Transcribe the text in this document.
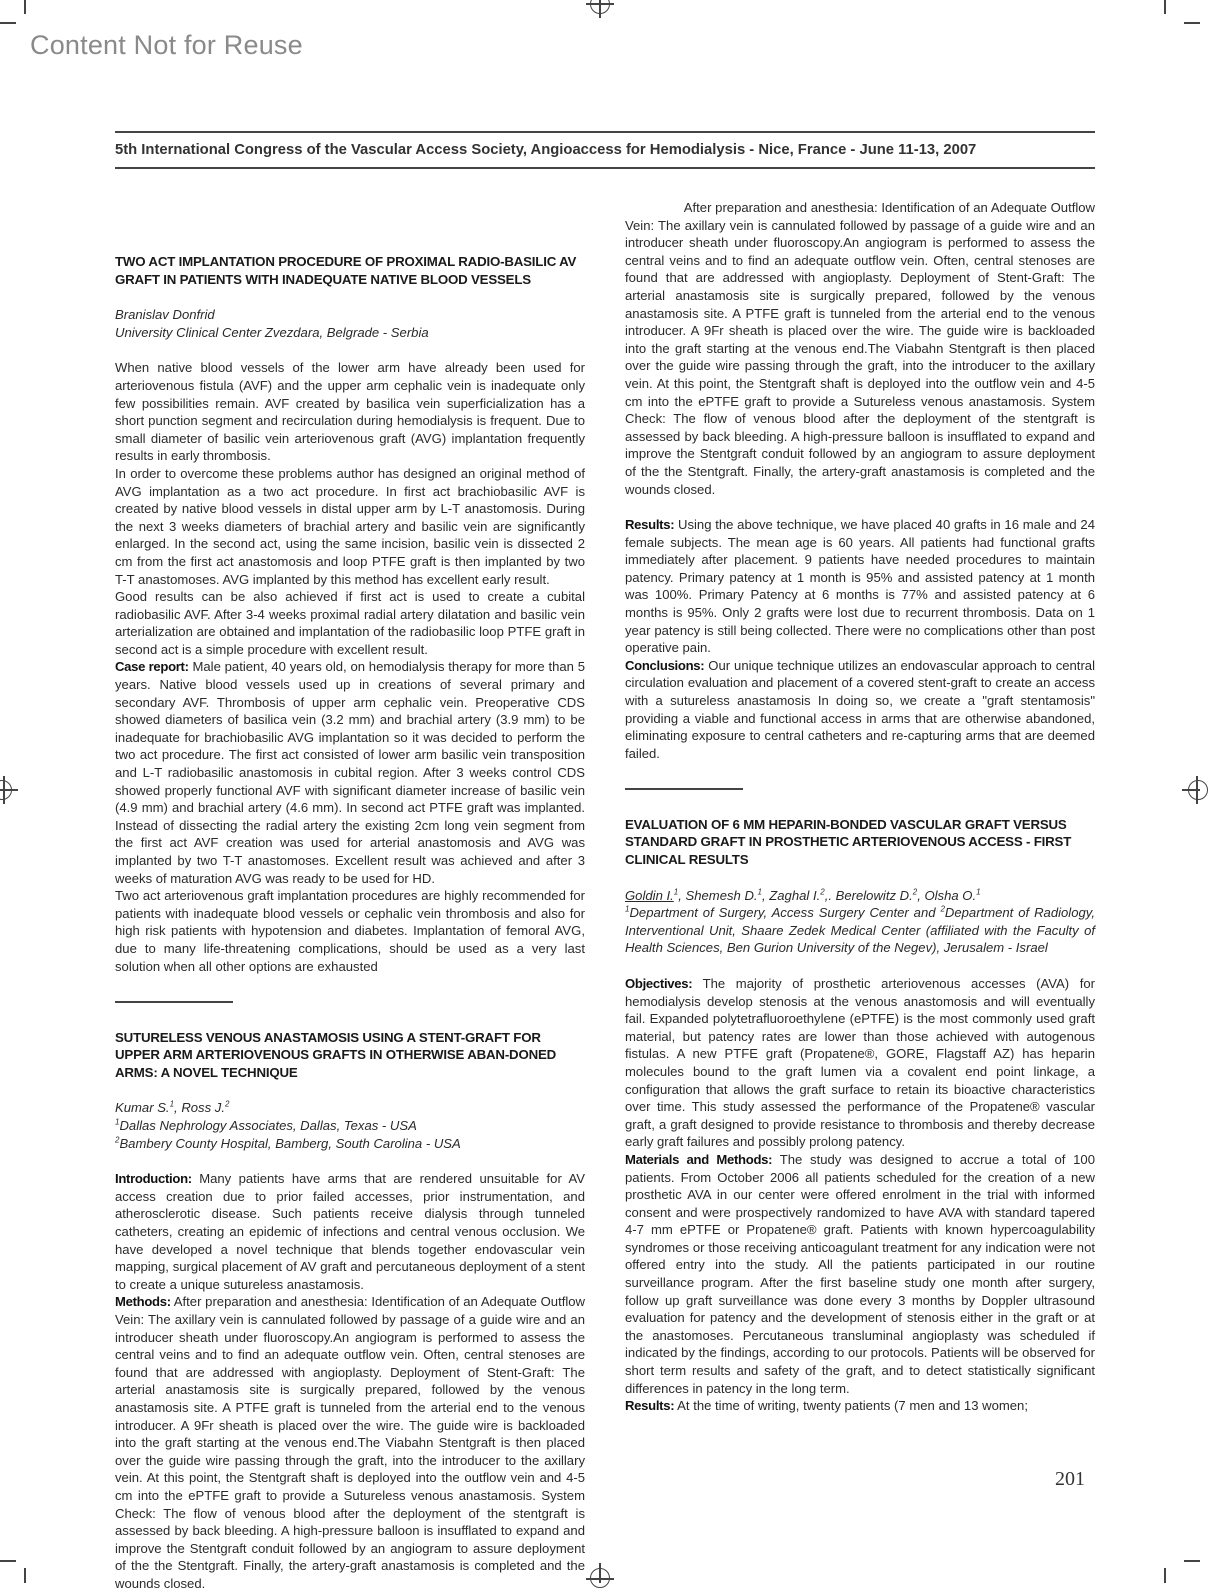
Content Not for Reuse
5th International Congress of the Vascular Access Society, Angioaccess for Hemodialysis - Nice, France - June 11-13, 2007
TWO ACT IMPLANTATION PROCEDURE OF PROXIMAL RADIO-BASILIC AV GRAFT IN PATIENTS WITH INADEQUATE NATIVE BLOOD VESSELS
Branislav Donfrid
University Clinical Center Zvezdara, Belgrade - Serbia

When native blood vessels of the lower arm have already been used for arteriovenous fistula (AVF) and the upper arm cephalic vein is inadequate only few possibilities remain. AVF created by basilica vein superficialization has a short punction segment and recirculation during hemodialysis is frequent. Due to small diameter of basilic vein arteriovenous graft (AVG) implantation frequently results in early thrombosis.

In order to overcome these problems author has designed an original method of AVG implantation as a two act procedure. In first act brachiobasilic AVF is created by native blood vessels in distal upper arm by L-T anastomosis. During the next 3 weeks diameters of brachial artery and basilic vein are significantly enlarged. In the second act, using the same incision, basilic vein is dissected 2 cm from the first act anastomosis and loop PTFE graft is then implanted by two T-T anastomoses. AVG implanted by this method has excellent early result.

Good results can be also achieved if first act is used to create a cubital radiobasilic AVF. After 3-4 weeks proximal radial artery dilatation and basilic vein arterialization are obtained and implantation of the radiobasilic loop PTFE graft in second act is a simple procedure with excellent result.

Case report: Male patient, 40 years old, on hemodialysis therapy for more than 5 years. Native blood vessels used up in creations of several primary and secondary AVF. Thrombosis of upper arm cephalic vein. Preoperative CDS showed diameters of basilica vein (3.2 mm) and brachial artery (3.9 mm) to be inadequate for brachiobasilic AVG implantation so it was decided to perform the two act procedure. The first act consisted of lower arm basilic vein transposition and L-T radiobasilic anastomosis in cubital region. After 3 weeks control CDS showed properly functional AVF with significant diameter increase of basilic vein (4.9 mm) and brachial artery (4.6 mm). In second act PTFE graft was implanted. Instead of dissecting the radial artery the existing 2cm long vein segment from the first act AVF creation was used for arterial anastomosis and AVG was implanted by two T-T anastomoses. Excellent result was achieved and after 3 weeks of maturation AVG was ready to be used for HD.

Two act arteriovenous graft implantation procedures are highly recommended for patients with inadequate blood vessels or cephalic vein thrombosis and also for high risk patients with hypotension and diabetes. Implantation of femoral AVG, due to many life-threatening complications, should be used as a very last solution when all other options are exhausted

SUTURELESS VENOUS ANASTAMOSIS USING A STENT-GRAFT FOR UPPER ARM ARTERIOVENOUS GRAFTS IN OTHERWISE ABAN-DONED ARMS: A NOVEL TECHNIQUE
Kumar S.$^1$, Ross J.$^2$
$^1$Dallas Nephrology Associates, Dallas, Texas - USA
$^2$Bambery County Hospital, Bamberg, South Carolina - USA

Introduction: Many patients have arms that are rendered unsuitable for AV access creation due to prior failed accesses, prior instrumentation, and atherosclerotic disease. Such patients receive dialysis through tunneled catheters, creating an epidemic of infections and central venous occlusion. We have developed a novel technique that blends together endovascular vein mapping, surgical placement of AV graft and percutaneous deployment of a stent to create a unique sutureless anastamosis.

Methods: After preparation and anesthesia: Identification of an Adequate Outflow Vein: The axillary vein is cannulated followed by passage of a guide wire and an introducer sheath under fluoroscopy.An angiogram is performed to assess the central veins and to find an adequate outflow vein. Often, central stenoses are found that are addressed with angioplasty. Deployment of Stent-Graft: The arterial anastamosis site is surgically prepared, followed by the venous anastamosis site. A PTFE graft is tunneled from the arterial end to the venous introducer. A 9Fr sheath is placed over the wire. The guide wire is backloaded into the graft starting at the venous end.The Viabahn Stentgraft is then placed over the guide wire passing through the graft, into the introducer to the axillary vein. At this point, the Stentgraft shaft is deployed into the outflow vein and 4-5 cm into the ePTFE graft to provide a Sutureless venous anastamosis. System Check: The flow of venous blood after the deployment of the stentgraft is assessed by back bleeding. A high-pressure balloon is insufflated to expand and improve the Stentgraft conduit followed by an angiogram to assure deployment of the the Stentgraft. Finally, the artery-graft anastamosis is completed and the wounds closed.

After preparation and anesthesia: Identification of an Adequate Outflow Vein: The axillary vein is cannulated followed by passage of a guide wire and an introducer sheath under fluoroscopy.An angiogram is performed to assess the central veins and to find an adequate outflow vein. Often, central stenoses are found that are addressed with angioplasty. Deployment of Stent-Graft: The arterial anastamosis site is surgically prepared, followed by the venous anastamosis site. A PTFE graft is tunneled from the arterial end to the venous introducer. A 9Fr sheath is placed over the wire. The guide wire is backloaded into the graft starting at the venous end.The Viabahn Stentgraft is then placed over the guide wire passing through the graft, into the introducer to the axillary vein. At this point, the Stentgraft shaft is deployed into the outflow vein and 4-5 cm into the ePTFE graft to provide a Sutureless venous anastamosis. System Check: The flow of venous blood after the deployment of the stentgraft is assessed by back bleeding. A high-pressure balloon is insufflated to expand and improve the Stentgraft conduit followed by an angiogram to assure deployment of the the Stentgraft. Finally, the artery-graft anastamosis is completed and the wounds closed.

Results: Using the above technique, we have placed 40 grafts in 16 male and 24 female subjects. The mean age is 60 years. All patients had functional grafts immediately after placement. 9 patients have needed procedures to maintain patency. Primary patency at 1 month is 95% and assisted patency at 1 month was 100%. Primary Patency at 6 months is 77% and assisted patency at 6 months is 95%. Only 2 grafts were lost due to recurrent thrombosis. Data on 1 year patency is still being collected. There were no complications other than post operative pain.

Conclusions: Our unique technique utilizes an endovascular approach to central circulation evaluation and placement of a covered stent-graft to create an access with a sutureless anastamosis In doing so, we create a "graft stentamosis" providing a viable and functional access in arms that are otherwise abandoned, eliminating exposure to central catheters and re-capturing arms that are deemed failed.

EVALUATION OF 6 MM HEPARIN-BONDED VASCULAR GRAFT VERSUS STANDARD GRAFT IN PROSTHETIC ARTERIOVENOUS ACCESS - FIRST CLINICAL RESULTS
Goldin I.$^1$, Shemesh D.$^1$, Zaghal I.$^2$,. Berelowitz D.$^2$, Olsha O.$^1$
$^1$Department of Surgery, Access Surgery Center and $^2$Department of Radiology, Interventional Unit, Shaare Zedek Medical Center (affiliated with the Faculty of Health Sciences, Ben Gurion University of the Negev), Jerusalem - Israel

Objectives: The majority of prosthetic arteriovenous accesses (AVA) for hemodialysis develop stenosis at the venous anastomosis and will eventually fail. Expanded polytetrafluoroethylene (ePTFE) is the most commonly used graft material, but patency rates are lower than those achieved with autogenous fistulas. A new PTFE graft (Propatene®, GORE, Flagstaff AZ) has heparin molecules bound to the graft lumen via a covalent end point linkage, a configuration that allows the graft surface to retain its bioactive characteristics over time. This study assessed the performance of the Propatene® vascular graft, a graft designed to provide resistance to thrombosis and thereby decrease early graft failures and possibly prolong patency.

Materials and Methods: The study was designed to accrue a total of 100 patients. From October 2006 all patients scheduled for the creation of a new prosthetic AVA in our center were offered enrolment in the trial with informed consent and were prospectively randomized to have AVA with standard tapered 4-7 mm ePTFE or Propatene® graft. Patients with known hypercoagulability syndromes or those receiving anticoagulant treatment for any indication were not offered entry into the study. All the patients participated in our routine surveillance program. After the first baseline study one month after surgery, follow up graft surveillance was done every 3 months by Doppler ultrasound evaluation for patency and the development of stenosis either in the graft or at the anastomoses. Percutaneous transluminal angioplasty was scheduled if indicated by the findings, according to our protocols. Patients will be observed for short term results and safety of the graft, and to detect statistically significant differences in patency in the long term.

Results: At the time of writing, twenty patients (7 men and 13 women;

201
